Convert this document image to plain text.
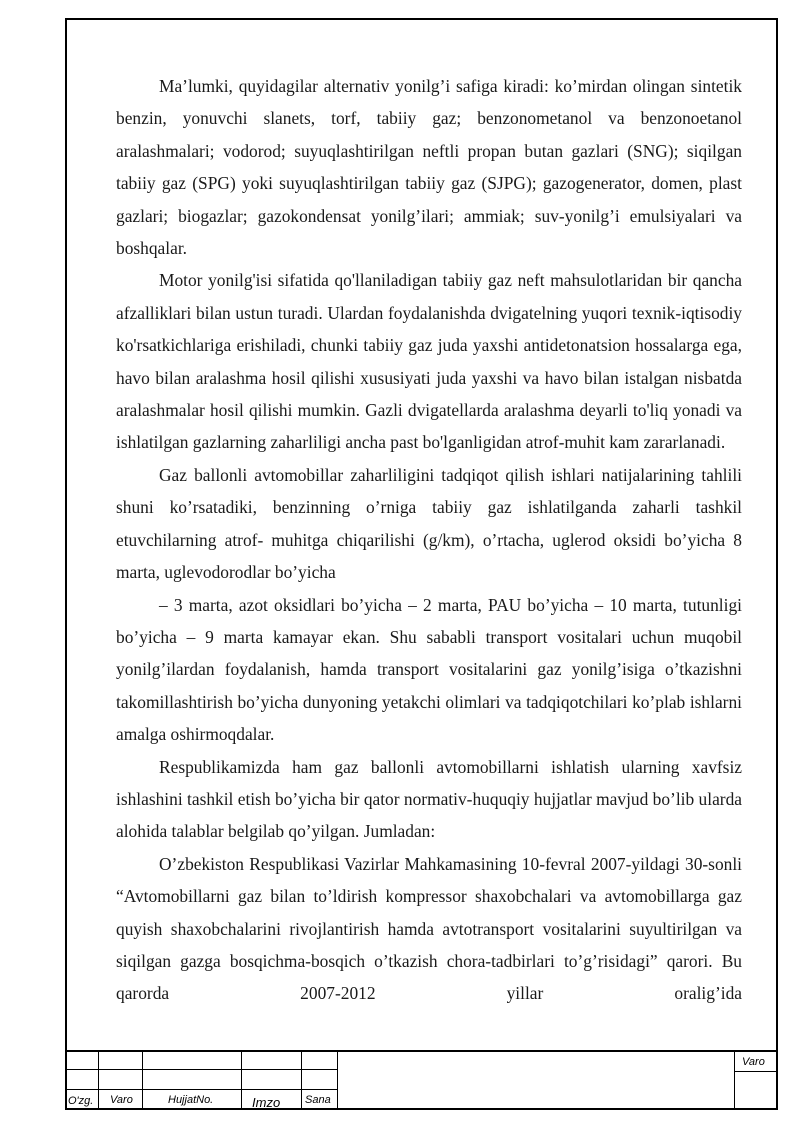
Ma’lumki, quyidagilar alternativ yonilg’i safiga kiradi: ko’mirdan olingan sintetik benzin, yonuvchi slanets, torf, tabiiy gaz; benzonometanol va benzonoetanol aralashmalari; vodorod; suyuqlashtirilgan neftli propan butan gazlari (SNG); siqilgan tabiiy gaz (SPG) yoki suyuqlashtirilgan tabiiy gaz (SJPG); gazogenerator, domen, plast gazlari; biogazlar; gazokondensat yonilg’ilari; ammiak; suv-yonilg’i emulsiyalari va boshqalar.

Motor yonilg'isi sifatida qo'llaniladigan tabiiy gaz neft mahsulotlaridan bir qancha afzalliklari bilan ustun turadi. Ulardan foydalanishda dvigatelning yuqori texnik-iqtisodiy ko'rsatkichlariga erishiladi, chunki tabiiy gaz juda yaxshi antidetonatsion hossalarga ega, havo bilan aralashma hosil qilishi xususiyati juda yaxshi va havo bilan istalgan nisbatda aralashmalar hosil qilishi mumkin. Gazli dvigatellarda aralashma deyarli to'liq yonadi va ishlatilgan gazlarning zaharliligi ancha past bo'lganligidan atrof-muhit kam zararlanadi.

Gaz ballonli avtomobillar zaharliligini tadqiqot qilish ishlari natijalarining tahlili shuni ko’rsatadiki, benzinning o’rniga tabiiy gaz ishlatilganda zaharli tashkil etuvchilarning atrof- muhitga chiqarilishi (g/km), o’rtacha, uglerod oksidi bo’yicha 8 marta, uglevodorodlar bo’yicha

– 3 marta, azot oksidlari bo’yicha – 2 marta, PAU bo’yicha – 10 marta, tutunligi bo’yicha – 9 marta kamayar ekan. Shu sababli transport vositalari uchun muqobil yonilg’ilardan foydalanish, hamda transport vositalarini gaz yonilg’isiga o’tkazishni takomillashtirish bo’yicha dunyoning yetakchi olimlari va tadqiqotchilari ko’plab ishlarni amalga oshirmoqdalar.

Respublikamizda ham gaz ballonli avtomobillarni ishlatish ularning xavfsiz ishlashini tashkil etish bo’yicha bir qator normativ-huquqiy hujjatlar mavjud bo’lib ularda alohida talablar belgilab qo’yilgan. Jumladan:

O’zbekiston Respublikasi Vazirlar Mahkamasining 10-fevral 2007-yildagi 30-sonli “Avtomobillarni gaz bilan to’ldirish kompressor shaxobchalari va avtomobillarga gaz quyish shaxobchalarini rivojlantirish hamda avtotransport vositalarini suyultirilgan va siqilgan gazga bosqichma-bosqich o’tkazish chora-tadbirlari to’g’risidagi” qarori. Bu qarorda 2007-2012 yillar oralig’ida

O'zg. Varo	HujjatNo.	Imzo Sana
Varo
